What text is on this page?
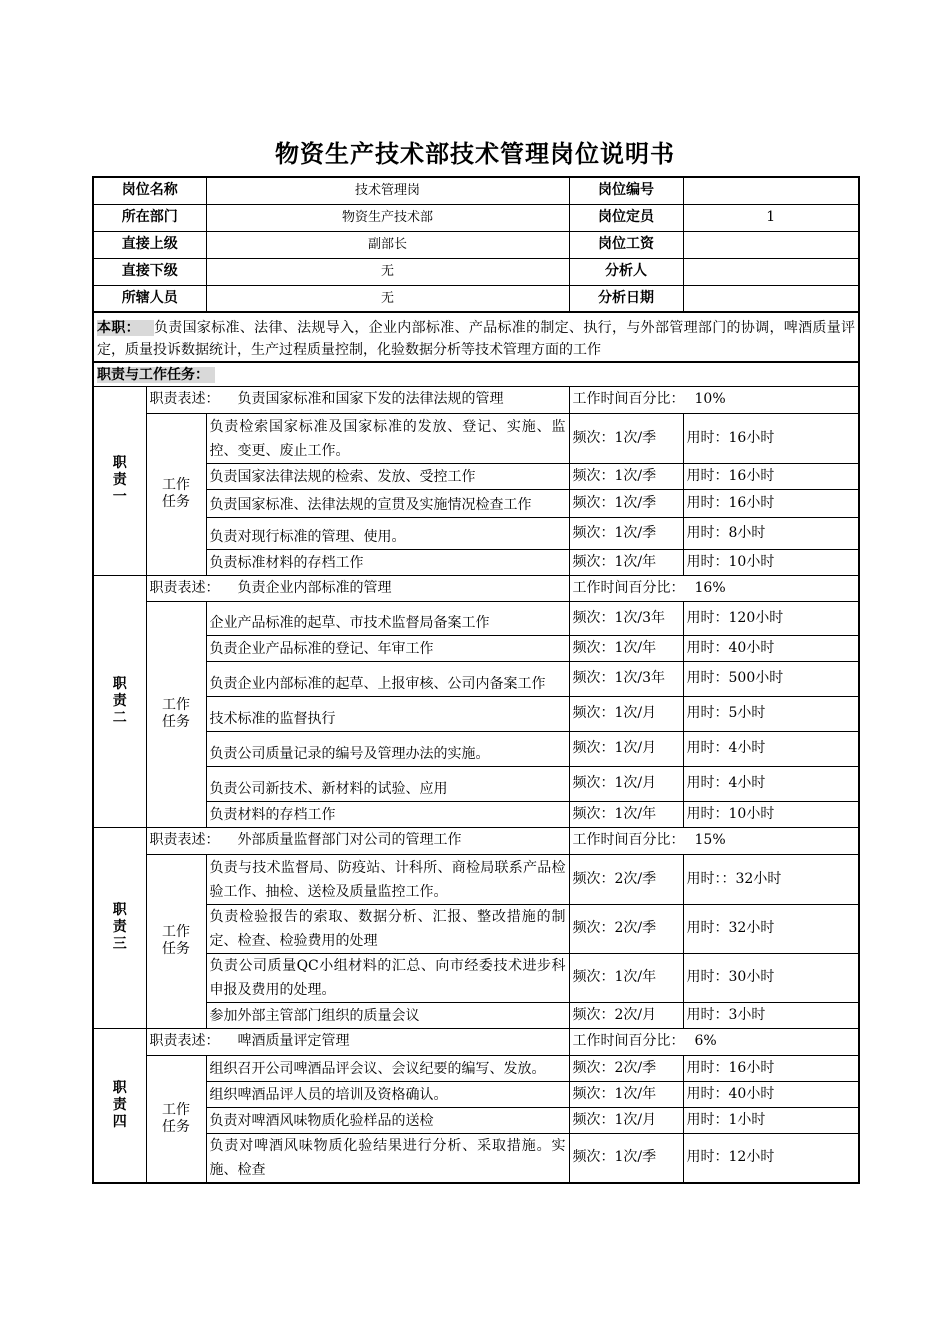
物资生产技术部技术管理岗位说明书
岗位名称		技术管理岗	岗位编号	
所在部门		物资生产技术部	岗位定员	1
直接上级		副部长	岗位工资	
直接下级		无	分析人	
所辖人员		无	分析日期	
本职： 负责国家标准、法律、法规导入，企业内部标准、产品标准的制定、执行，与外部管理部门的协调，啤酒质量评定，质量投诉数据统计，生产过程质量控制，化验数据分析等技术管理方面的工作				
职责与工作任务：				

职
责
一	职责表述： 负责国家标准和国家下发的法律法规的管理		工作时间百分比： 10%	

	工作
任务	负责检索国家标准及国家标准的发放、登记、实施、监控、变更、废止工作。	频次：1次/季	用时：16小时
		负责国家法律法规的检索、发放、受控工作	频次：1次/季	用时：16小时
		负责国家标准、法律法规的宣贯及实施情况检查工作	频次：1次/季	用时：16小时
		负责对现行标准的管理、使用。	频次：1次/季	用时：8小时
		负责标准材料的存档工作	频次：1次/年	用时：10小时

职
责
二	职责表述： 负责企业内部标准的管理		工作时间百分比： 16%	

	工作
任务	企业产品标准的起草、市技术监督局备案工作	频次：1次/3年	用时：120小时
		负责企业产品标准的登记、年审工作	频次：1次/年	用时：40小时
		负责企业内部标准的起草、上报审核、公司内备案工作	频次：1次/3年	用时：500小时
		技术标准的监督执行	频次：1次/月	用时：5小时
		负责公司质量记录的编号及管理办法的实施。	频次：1次/月	用时：4小时
		负责公司新技术、新材料的试验、应用	频次：1次/月	用时：4小时
		负责材料的存档工作	频次：1次/年	用时：10小时

职
责
三	职责表述： 外部质量监督部门对公司的管理工作		工作时间百分比： 15%	

	工作
任务	负责与技术监督局、防疫站、计科所、商检局联系产品检验工作、抽检、送检及质量监控工作。	频次：2次/季	用时：：32小时
		负责检验报告的索取、数据分析、汇报、整改措施的制定、检查、检验费用的处理	频次：2次/季	用时：32小时
		负责公司质量QC小组材料的汇总、向市经委技术进步科申报及费用的处理。	频次：1次/年	用时：30小时
		参加外部主管部门组织的质量会议	频次：2次/月	用时：3小时

职
责
四	职责表述： 啤酒质量评定管理		工作时间百分比： 6%	

	工作
任务	组织召开公司啤酒品评会议、会议纪要的编写、发放。	频次：2次/季	用时：16小时
		组织啤酒品评人员的培训及资格确认。	频次：1次/年	用时：40小时
		负责对啤酒风味物质化验样品的送检	频次：1次/月	用时：1小时
		负责对啤酒风味物质化验结果进行分析、采取措施。实施、检查	频次：1次/季	用时：12小时
